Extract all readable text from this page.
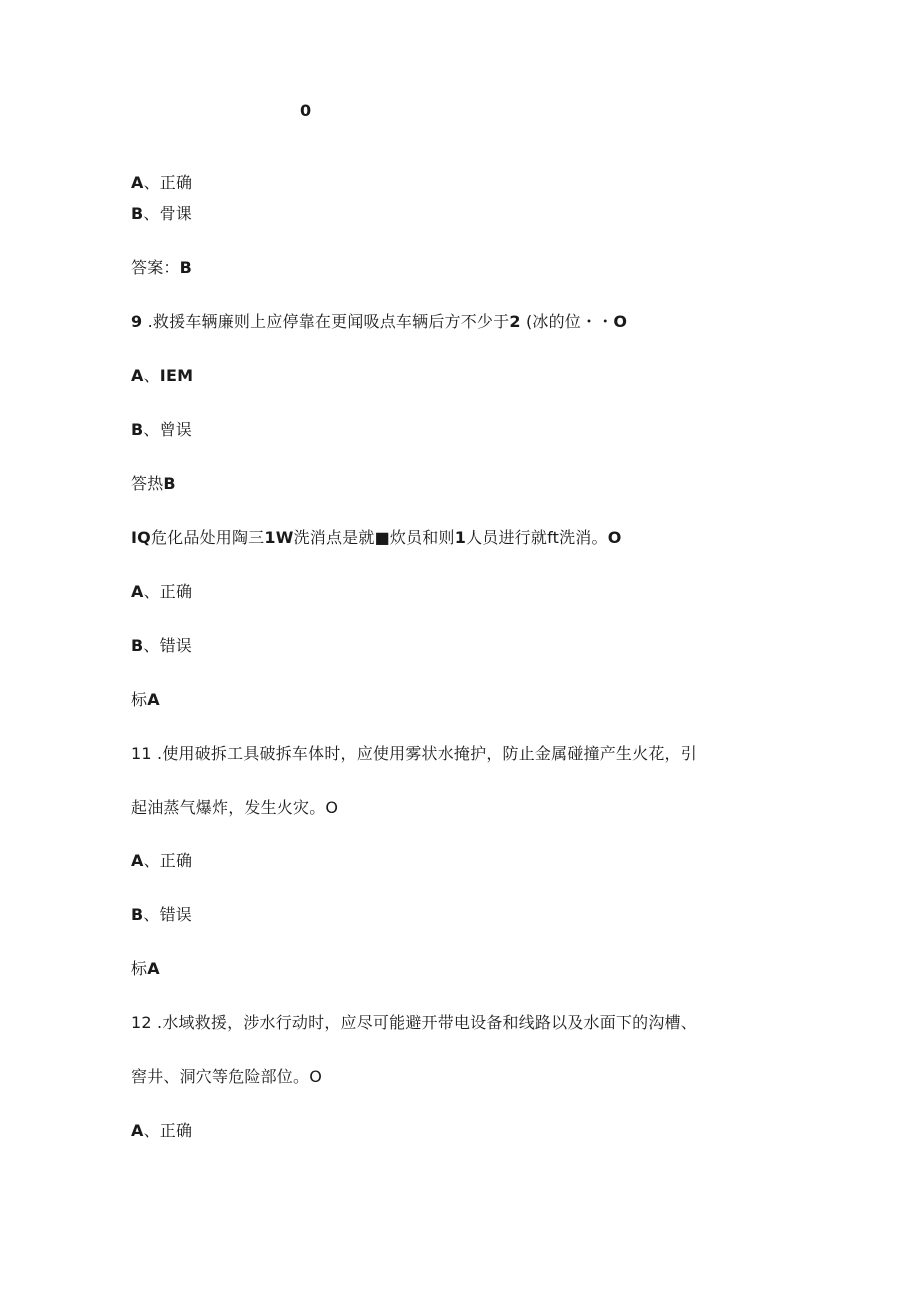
0
A、正确
B、骨课
答案：B
9 .救援车辆廉则上应停靠在更闻吸点车辆后方不少于2 (冰的位・・O
A、IEM
B、曾误
答热B
IQ危化品处用陶三1W洗消点是就■炊员和则1人员进行就ft洗消。O
A、正确
B、错误
标A
11 .使用破拆工具破拆车体时，应使用雾状水掩护，防止金属碰撞产生火花，引
起油蒸气爆炸，发生火灾。O
A、正确
B、错误
标A
12 .水域救援，涉水行动时，应尽可能避开带电设备和线路以及水面下的沟槽、
窖井、洞穴等危险部位。O
A、正确
